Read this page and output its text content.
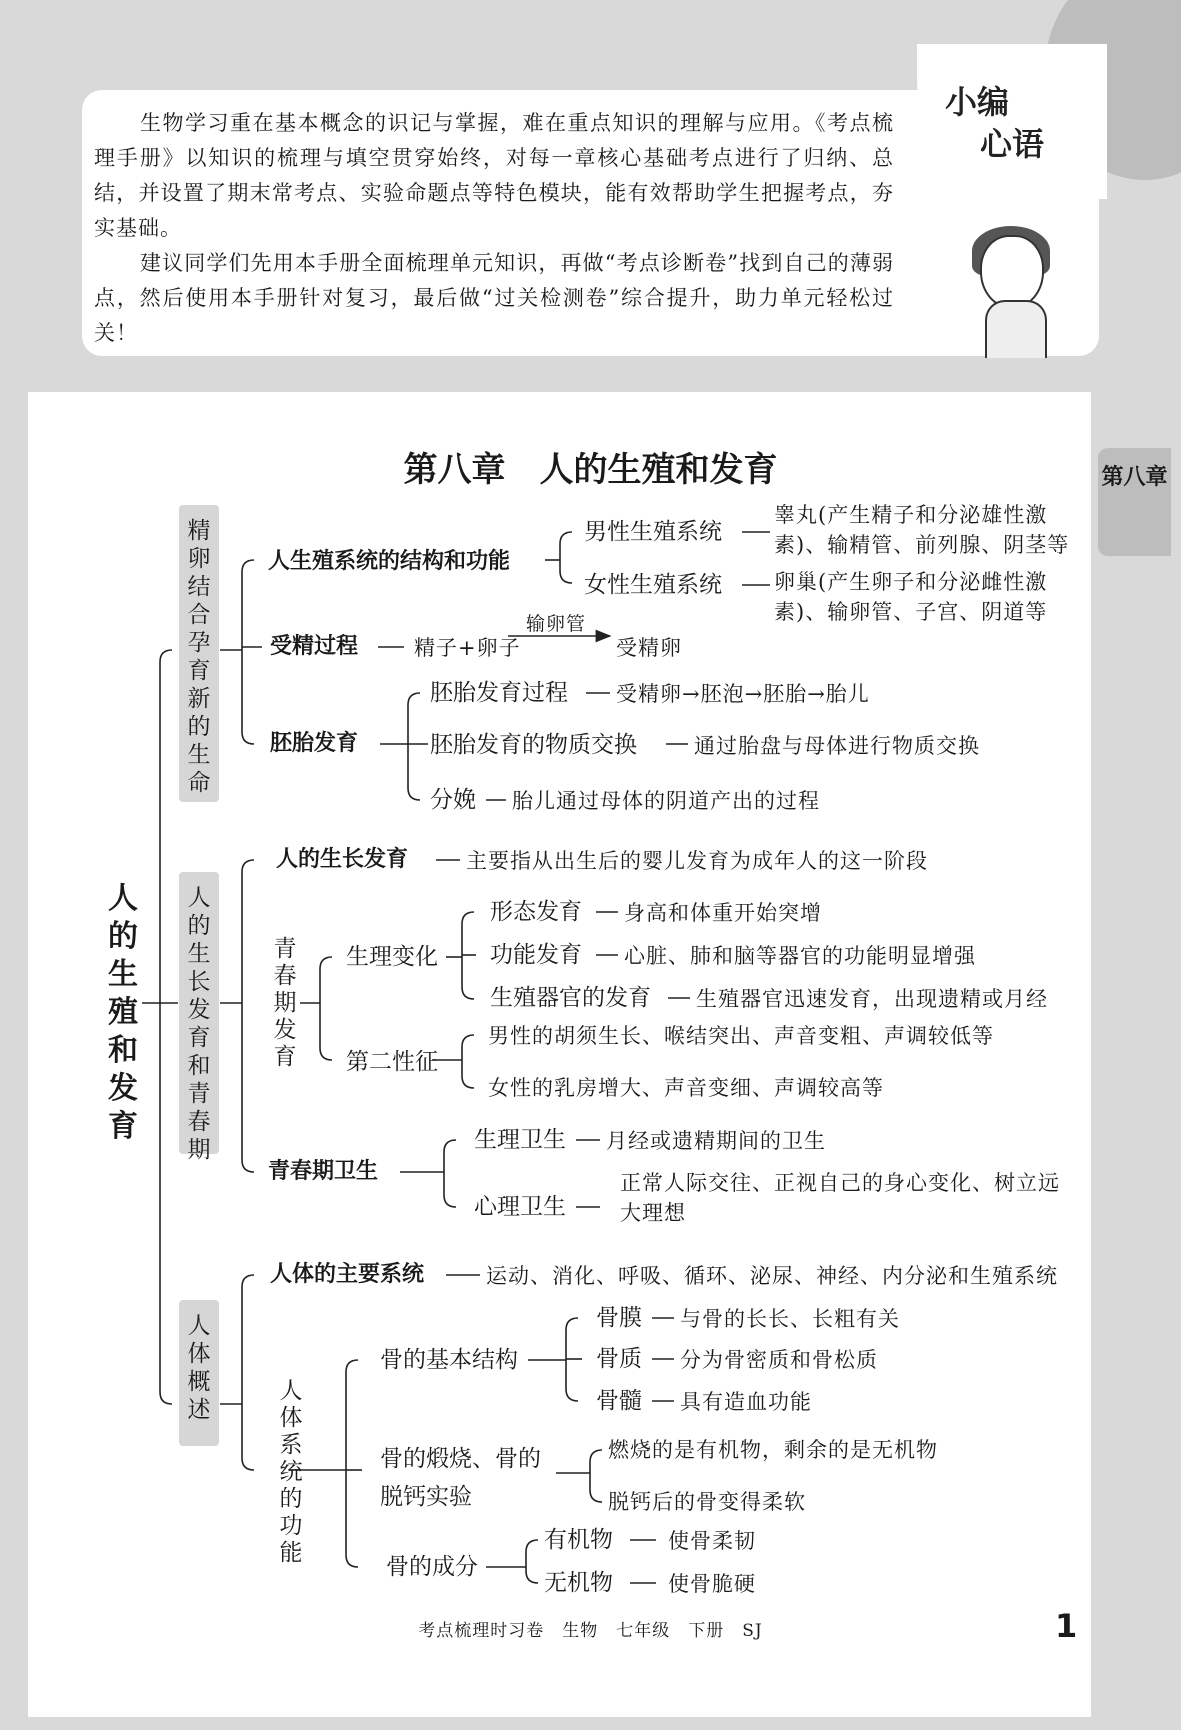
生物学习重在基本概念的识记与掌握，难在重点知识的理解与应用。《考点梳理手册》以知识的梳理与填空贯穿始终，对每一章核心基础考点进行了归纳、总结，并设置了期末常考点、实验命题点等特色模块，能有效帮助学生把握考点，夯实基础。

建议同学们先用本手册全面梳理单元知识，再做“考点诊断卷”找到自己的薄弱点，然后使用本手册针对复习，最后做“过关检测卷”综合提升，助力单元轻松过关！

小编
心语
第八章　人的生殖和发育	第八章
人的生殖和发育
精卵结合孕育新的生命
人的生长发育和青春期
人体概述
人生殖系统的结构和功能
男性生殖系统
睾丸(产生精子和分泌雄性激素)、输精管、前列腺、阴茎等
女性生殖系统 卵巢(产生卵子和分泌雌性激素)、输卵管、子宫、阴道等
受精过程	精子+卵子
输卵管
受精卵
胚胎发育
胚胎发育过程 受精卵→胚泡→胚胎→胎儿
胚胎发育的物质交换	通过胎盘与母体进行物质交换
分娩 胎儿通过母体的阴道产出的过程
人的生长发育	主要指从出生后的婴儿发育为成年人的这一阶段
青春期发育
生理变化
形态发育 身高和体重开始突增
功能发育 心脏、肺和脑等器官的功能明显增强
生殖器官的发育 生殖器官迅速发育，出现遗精或月经
第二性征
男性的胡须生长、喉结突出、声音变粗、声调较低等
女性的乳房增大、声音变细、声调较高等
青春期卫生
生理卫生 月经或遗精期间的卫生
心理卫生
正常人际交往、正视自己的身心变化、树立远大理想
人体的主要系统	运动、消化、呼吸、循环、泌尿、神经、内分泌和生殖系统
人体系统的功能
骨的基本结构
骨膜 与骨的长长、长粗有关
骨质 分为骨密质和骨松质
骨髓 具有造血功能
骨的煅烧、骨的脱钙实验
燃烧的是有机物，剩余的是无机物
脱钙后的骨变得柔软
骨的成分
有机物	使骨柔韧
无机物	使骨脆硬
考点梳理时习卷　生物　七年级　下册　SJ	1
